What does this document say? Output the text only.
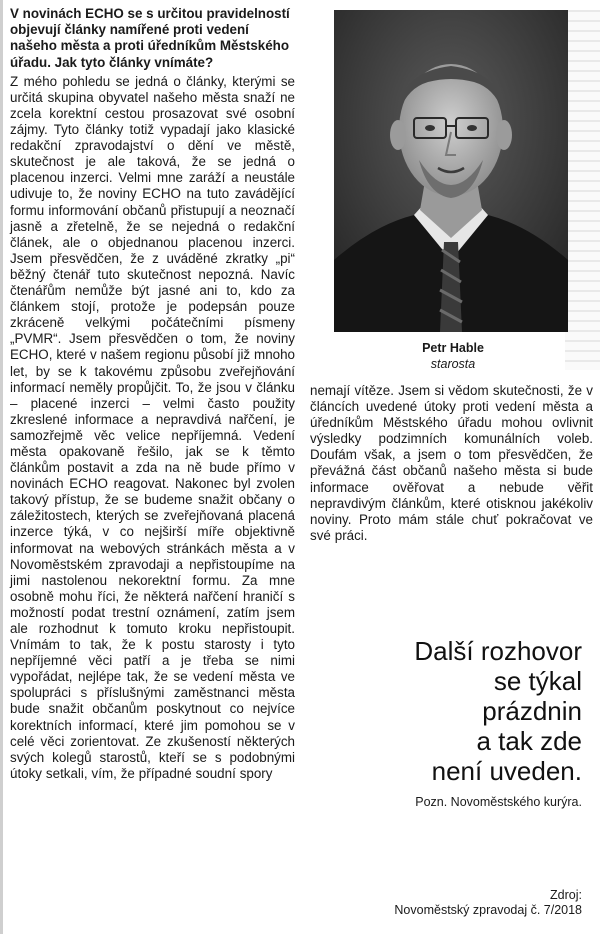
V novinách ECHO se s určitou pravidelností objevují články namířené proti vedení našeho města a proti úředníkům Městského úřadu. Jak tyto články vnímáte?

Z mého pohledu se jedná o články, kterými se určitá skupina obyvatel našeho města snaží ne zcela korektní cestou prosazovat své osobní zájmy. Tyto články totiž vypadají jako klasické redakční zpravodajství o dění ve městě, skutečnost je ale taková, že se jedná o placenou inzerci. Velmi mne zaráží a neustále udivuje to, že noviny ECHO na tuto zavádějící formu informování občanů přistupují a neoznačí jasně a zřetelně, že se nejedná o redakční článek, ale o objednanou placenou inzerci. Jsem přesvědčen, že z uváděné zkratky „pi“ běžný čtenář tuto skutečnost nepozná. Navíc čtenářům nemůže být jasné ani to, kdo za článkem stojí, protože je podepsán pouze zkráceně velkými počátečními písmeny „PVMR“. Jsem přesvědčen o tom, že noviny ECHO, které v našem regionu působí již mnoho let, by se k takovému způsobu zveřejňování informací neměly propůjčit. To, že jsou v článku – placené inzerci – velmi často použity zkreslené informace a nepravdivá nařčení, je samozřejmě věc velice nepříjemná. Vedení města opakovaně řešilo, jak se k těmto článkům postavit a zda na ně bude přímo v novinách ECHO reagovat. Nakonec byl zvolen takový přístup, že se budeme snažit občany o záležitostech, kterých se zveřejňovaná placená inzerce týká, v co nejširší míře objektivně informovat na webových stránkách města a v Novoměstském zpravodaji a nepřistoupíme na jimi nastolenou nekorektní formu. Za mne osobně mohu říci, že některá nařčení hraničí s možností podat trestní oznámení, zatím jsem ale rozhodnut k tomuto kroku nepřistoupit. Vnímám to tak, že k postu starosty i tyto nepříjemné věci patří a je třeba se nimi vypořádat, nejlépe tak, že se vedení města ve spolupráci s příslušnými zaměstnanci města bude snažit občanům poskytnout co nejvíce korektních informací, které jim pomohou se v celé věci zorientovat. Ze zkušeností některých svých kolegů starostů, kteří se s podobnými útoky setkali, vím, že případné soudní spory

Petr Hable
starosta

nemají vítěze. Jsem si vědom skutečnosti, že v článcích uvedené útoky proti vedení města a úředníkům Městského úřadu mohou ovlivnit výsledky podzimních komunálních voleb. Doufám však, a jsem o tom přesvědčen, že převážná část občanů našeho města si bude informace ověřovat a nebude věřit nepravdivým článkům, které otisknou jakékoliv noviny. Proto mám stále chuť pokračovat ve své práci.

Další rozhovor
se týkal
prázdnin
a tak zde
není uveden.
Pozn. Novoměstského kurýra.
Zdroj:
Novoměstský zpravodaj č. 7/2018
